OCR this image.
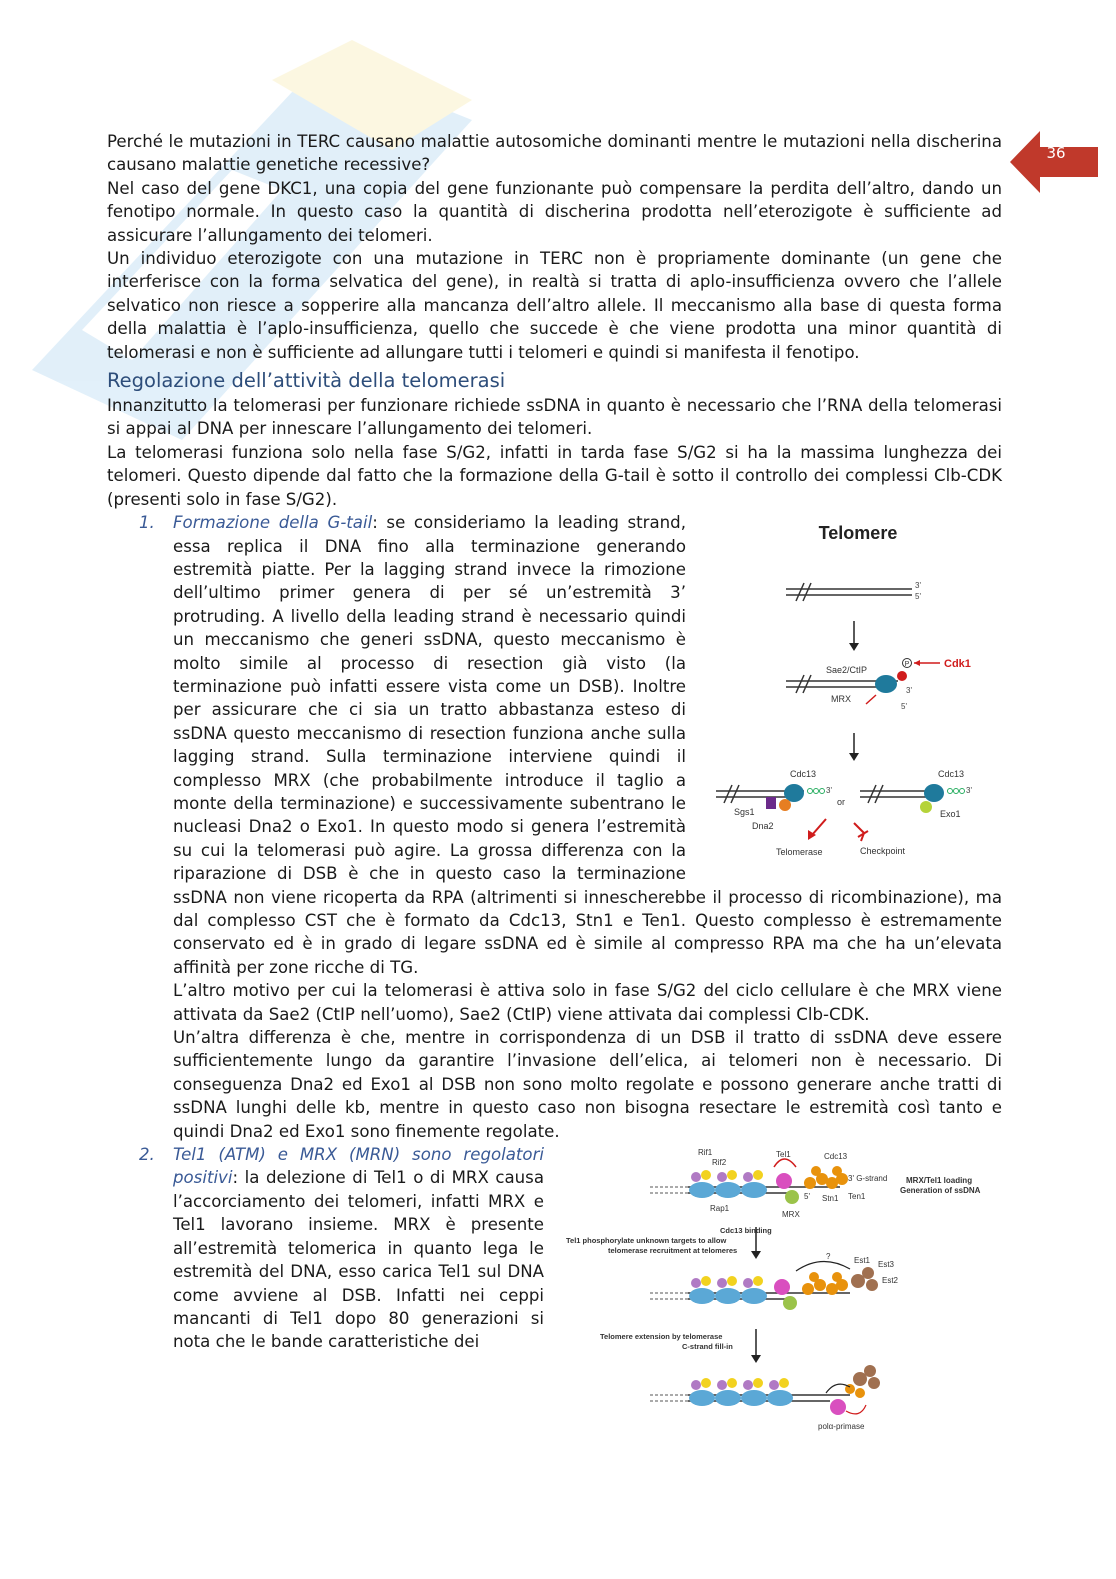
36

Perché le mutazioni in TERC causano malattie autosomiche dominanti mentre le mutazioni nella discherina causano malattie genetiche recessive?

Nel caso del gene DKC1, una copia del gene funzionante può compensare la perdita dell’altro, dando un fenotipo normale. In questo caso la quantità di discherina prodotta nell’eterozigote è sufficiente ad assicurare l’allungamento dei telomeri.

Un individuo eterozigote con una mutazione in TERC non è propriamente dominante (un gene che interferisce con la forma selvatica del gene), in realtà si tratta di aplo-insufficienza ovvero che l’allele selvatico non riesce a sopperire alla mancanza dell’altro allele. Il meccanismo alla base di questa forma della malattia è l’aplo-insufficienza, quello che succede è che viene prodotta una minor quantità di telomerasi e non è sufficiente ad allungare tutti i telomeri e quindi si manifesta il fenotipo.

Regolazione dell’attività della telomerasi

Innanzitutto la telomerasi per funzionare richiede ssDNA in quanto è necessario che l’RNA della telomerasi si appai al DNA per innescare l’allungamento dei telomeri.

La telomerasi funziona solo nella fase S/G2, infatti in tarda fase S/G2 si ha la massima lunghezza dei telomeri. Questo dipende dal fatto che la formazione della G-tail è sotto il controllo dei complessi Clb-CDK (presenti solo in fase S/G2).

1.
Telomere
3'
5'
P	Cdk1
Sae2/CtIP
3'
5'
MRX
Cdc13
3'
Sgs1
Dna2
or
Cdc13
3'
Exo1
Telomerase	Checkpoint

Formazione della G-tail: se consideriamo la leading strand, essa replica il DNA fino alla terminazione generando estremità piatte. Per la lagging strand invece la rimozione dell’ultimo primer genera di per sé un’estremità 3’ protruding. A livello della leading strand è necessario quindi un meccanismo che generi ssDNA, questo meccanismo è molto simile al processo di resection già visto (la terminazione può infatti essere vista come un DSB). Inoltre per assicurare che ci sia un tratto abbastanza esteso di ssDNA questo meccanismo di resection funziona anche sulla lagging strand. Sulla terminazione interviene quindi il complesso MRX (che probabilmente introduce il taglio a monte della terminazione) e successivamente subentrano le nucleasi Dna2 o Exo1. In questo modo si genera l’estremità su cui la telomerasi può agire. La grossa differenza con la riparazione di DSB è che in questo caso la terminazione ssDNA non viene ricoperta da RPA (altrimenti si innescherebbe il processo di ricombinazione), ma dal complesso CST che è formato da Cdc13, Stn1 e Ten1. Questo complesso è estremamente conservato ed è in grado di legare ssDNA ed è simile al compresso RPA ma che ha un’elevata affinità per zone ricche di TG.

L’altro motivo per cui la telomerasi è attiva solo in fase S/G2 del ciclo cellulare è che MRX viene attivata da Sae2 (CtIP nell’uomo), Sae2 (CtIP) viene attivata dai complessi Clb-CDK.

Un’altra differenza è che, mentre in corrispondenza di un DSB il tratto di ssDNA deve essere sufficientemente lungo da garantire l’invasione dell’elica, ai telomeri non è necessario. Di conseguenza Dna2 ed Exo1 al DSB non sono molto regolate e possono generare anche tratti di ssDNA lunghi delle kb, mentre in questo caso non bisogna resectare le estremità così tanto e quindi Dna2 ed Exo1 sono finemente regolate.

2.	Rif1
Rif2
Tel1	Cdc13
3' G-strand
5' Stn1 Ten1
Rap1
MRX
MRX/Tel1 loading
Generation of ssDNA
Cdc13 binding
Tel1 phosphorylate unknown targets to allow
telomerase recruitment at telomeres
?	Est1 Est3
Est2
Telomere extension by telomerase
C-strand fill-in
polα-primase

Tel1 (ATM) e MRX (MRN) sono regolatori positivi: la delezione di Tel1 o di MRX causa l’accorciamento dei telomeri, infatti MRX e Tel1 lavorano insieme. MRX è presente all’estremità telomerica in quanto lega le estremità del DNA, esso carica Tel1 sul DNA come avviene al DSB. Infatti nei ceppi mancanti di Tel1 dopo 80 generazioni si nota che le bande caratteristiche dei
